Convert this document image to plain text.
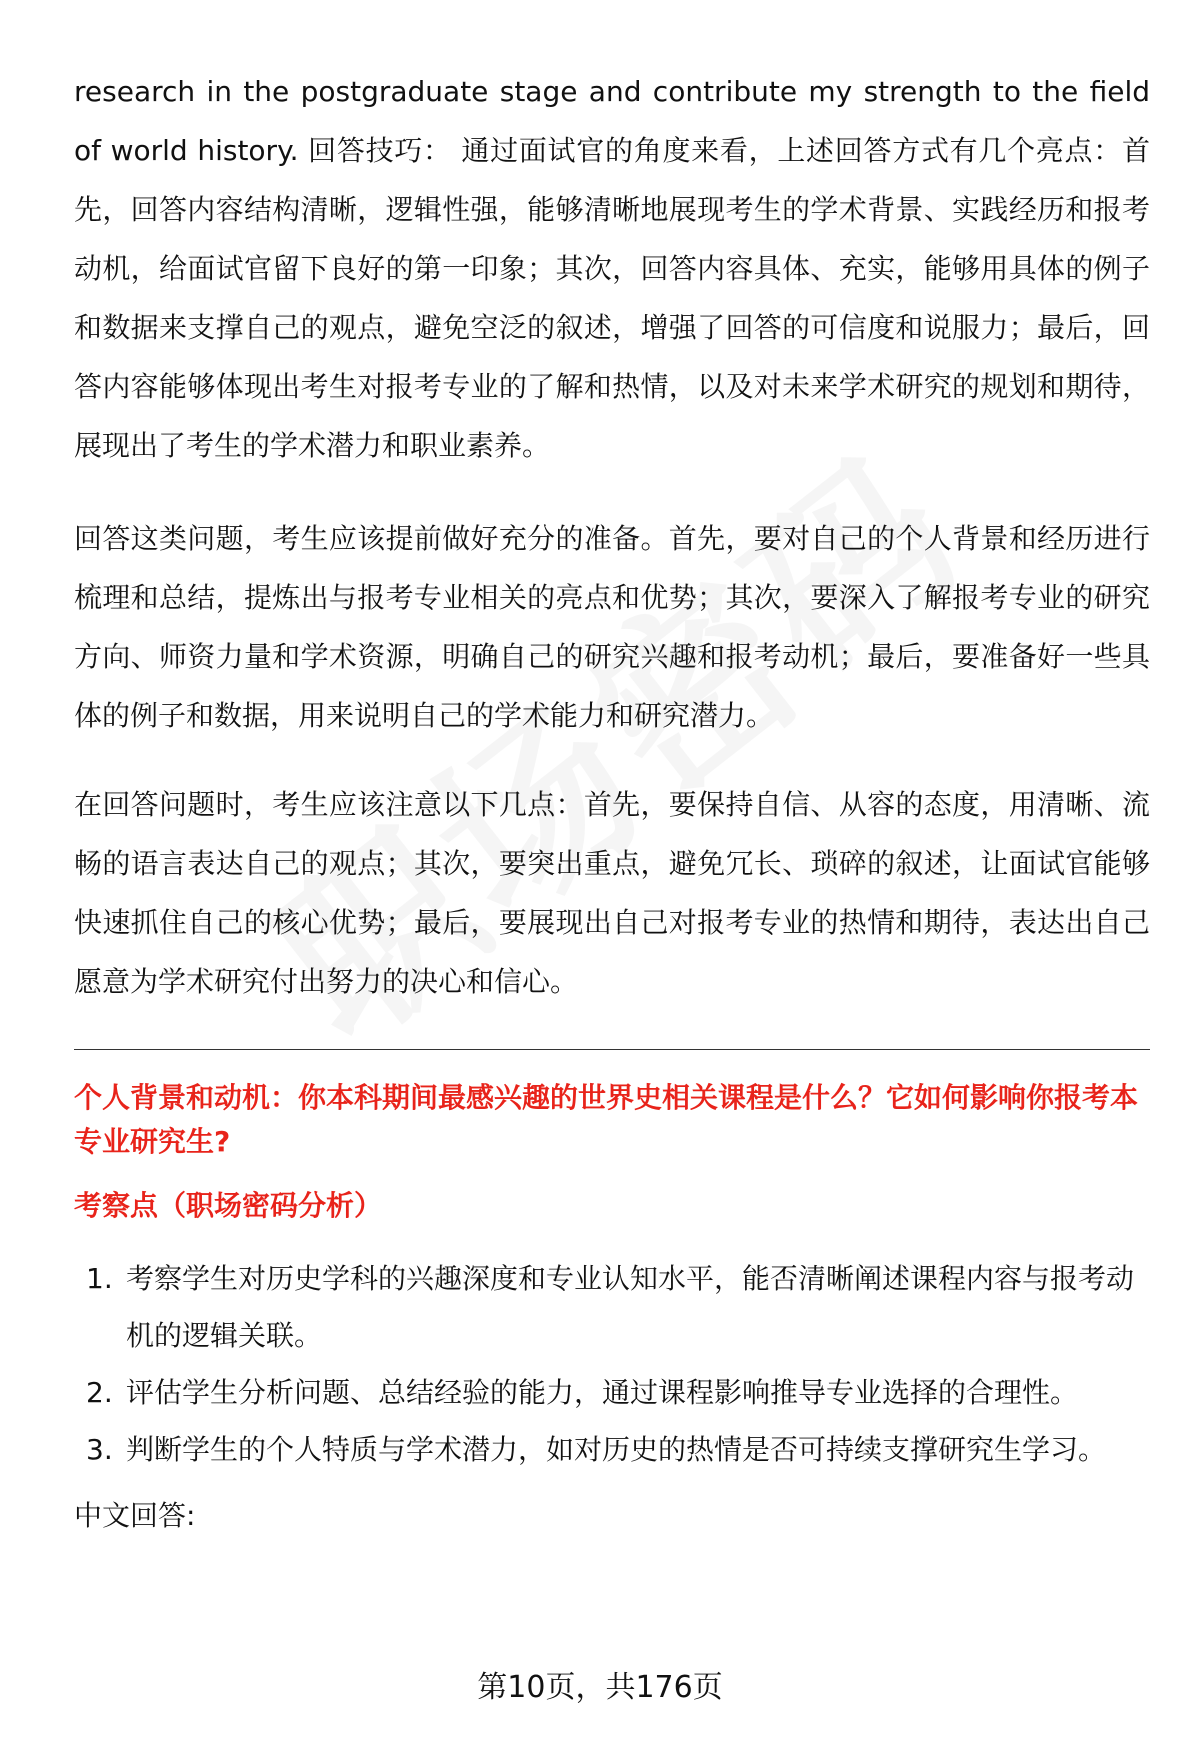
research in the postgraduate stage and contribute my strength to the field of world history. 回答技巧： 通过面试官的角度来看，上述回答方式有几个亮点：首先，回答内容结构清晰，逻辑性强，能够清晰地展现考生的学术背景、实践经历和报考动机，给面试官留下良好的第一印象；其次，回答内容具体、充实，能够用具体的例子和数据来支撑自己的观点，避免空泛的叙述，增强了回答的可信度和说服力；最后，回答内容能够体现出考生对报考专业的了解和热情，以及对未来学术研究的规划和期待，展现出了考生的学术潜力和职业素养。

回答这类问题，考生应该提前做好充分的准备。首先，要对自己的个人背景和经历进行梳理和总结，提炼出与报考专业相关的亮点和优势；其次，要深入了解报考专业的研究方向、师资力量和学术资源，明确自己的研究兴趣和报考动机；最后，要准备好一些具体的例子和数据，用来说明自己的学术能力和研究潜力。

在回答问题时，考生应该注意以下几点：首先，要保持自信、从容的态度，用清晰、流畅的语言表达自己的观点；其次，要突出重点，避免冗长、琐碎的叙述，让面试官能够快速抓住自己的核心优势；最后，要展现出自己对报考专业的热情和期待，表达出自己愿意为学术研究付出努力的决心和信心。

个人背景和动机：你本科期间最感兴趣的世界史相关课程是什么？它如何影响你报考本专业研究生?
考察点（职场密码分析）
1. 考察学生对历史学科的兴趣深度和专业认知水平，能否清晰阐述课程内容与报考动机的逻辑关联。
2. 评估学生分析问题、总结经验的能力，通过课程影响推导专业选择的合理性。
3. 判断学生的个人特质与学术潜力，如对历史的热情是否可持续支撑研究生学习。

中文回答:

第10页，共176页
